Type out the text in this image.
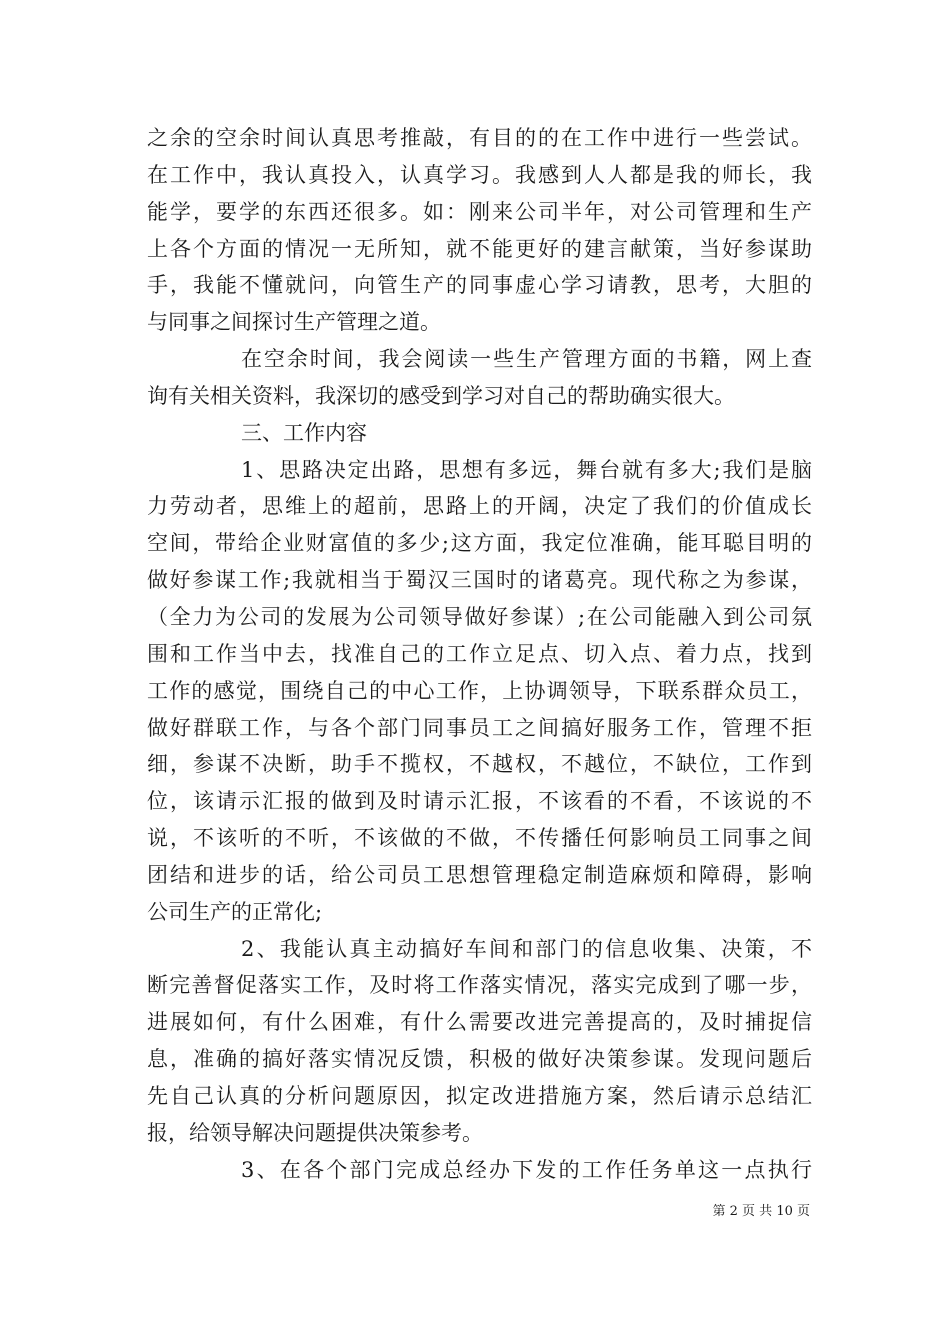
之余的空余时间认真思考推敲，有目的的在工作中进行一些尝试。
在工作中，我认真投入，认真学习。我感到人人都是我的师长，我
能学，要学的东西还很多。如：刚来公司半年，对公司管理和生产
上各个方面的情况一无所知，就不能更好的建言献策，当好参谋助
手，我能不懂就问，向管生产的同事虚心学习请教，思考，大胆的
与同事之间探讨生产管理之道。
在空余时间，我会阅读一些生产管理方面的书籍，网上查
询有关相关资料，我深切的感受到学习对自己的帮助确实很大。
三、工作内容
1、思路决定出路，思想有多远，舞台就有多大;我们是脑
力劳动者，思维上的超前，思路上的开阔，决定了我们的价值成长
空间，带给企业财富值的多少;这方面，我定位准确，能耳聪目明的
做好参谋工作;我就相当于蜀汉三国时的诸葛亮。现代称之为参谋，
（全力为公司的发展为公司领导做好参谋）;在公司能融入到公司氛
围和工作当中去，找准自己的工作立足点、切入点、着力点，找到
工作的感觉，围绕自己的中心工作，上协调领导，下联系群众员工，
做好群联工作，与各个部门同事员工之间搞好服务工作，管理不拒
细，参谋不决断，助手不揽权，不越权，不越位，不缺位，工作到
位，该请示汇报的做到及时请示汇报，不该看的不看，不该说的不
说，不该听的不听，不该做的不做，不传播任何影响员工同事之间
团结和进步的话，给公司员工思想管理稳定制造麻烦和障碍，影响
公司生产的正常化;
2、我能认真主动搞好车间和部门的信息收集、决策，不
断完善督促落实工作，及时将工作落实情况，落实完成到了哪一步，
进展如何，有什么困难，有什么需要改进完善提高的，及时捕捉信
息，准确的搞好落实情况反馈，积极的做好决策参谋。发现问题后
先自己认真的分析问题原因，拟定改进措施方案，然后请示总结汇
报，给领导解决问题提供决策参考。
3、在各个部门完成总经办下发的工作任务单这一点执行
第 2 页 共 10 页
